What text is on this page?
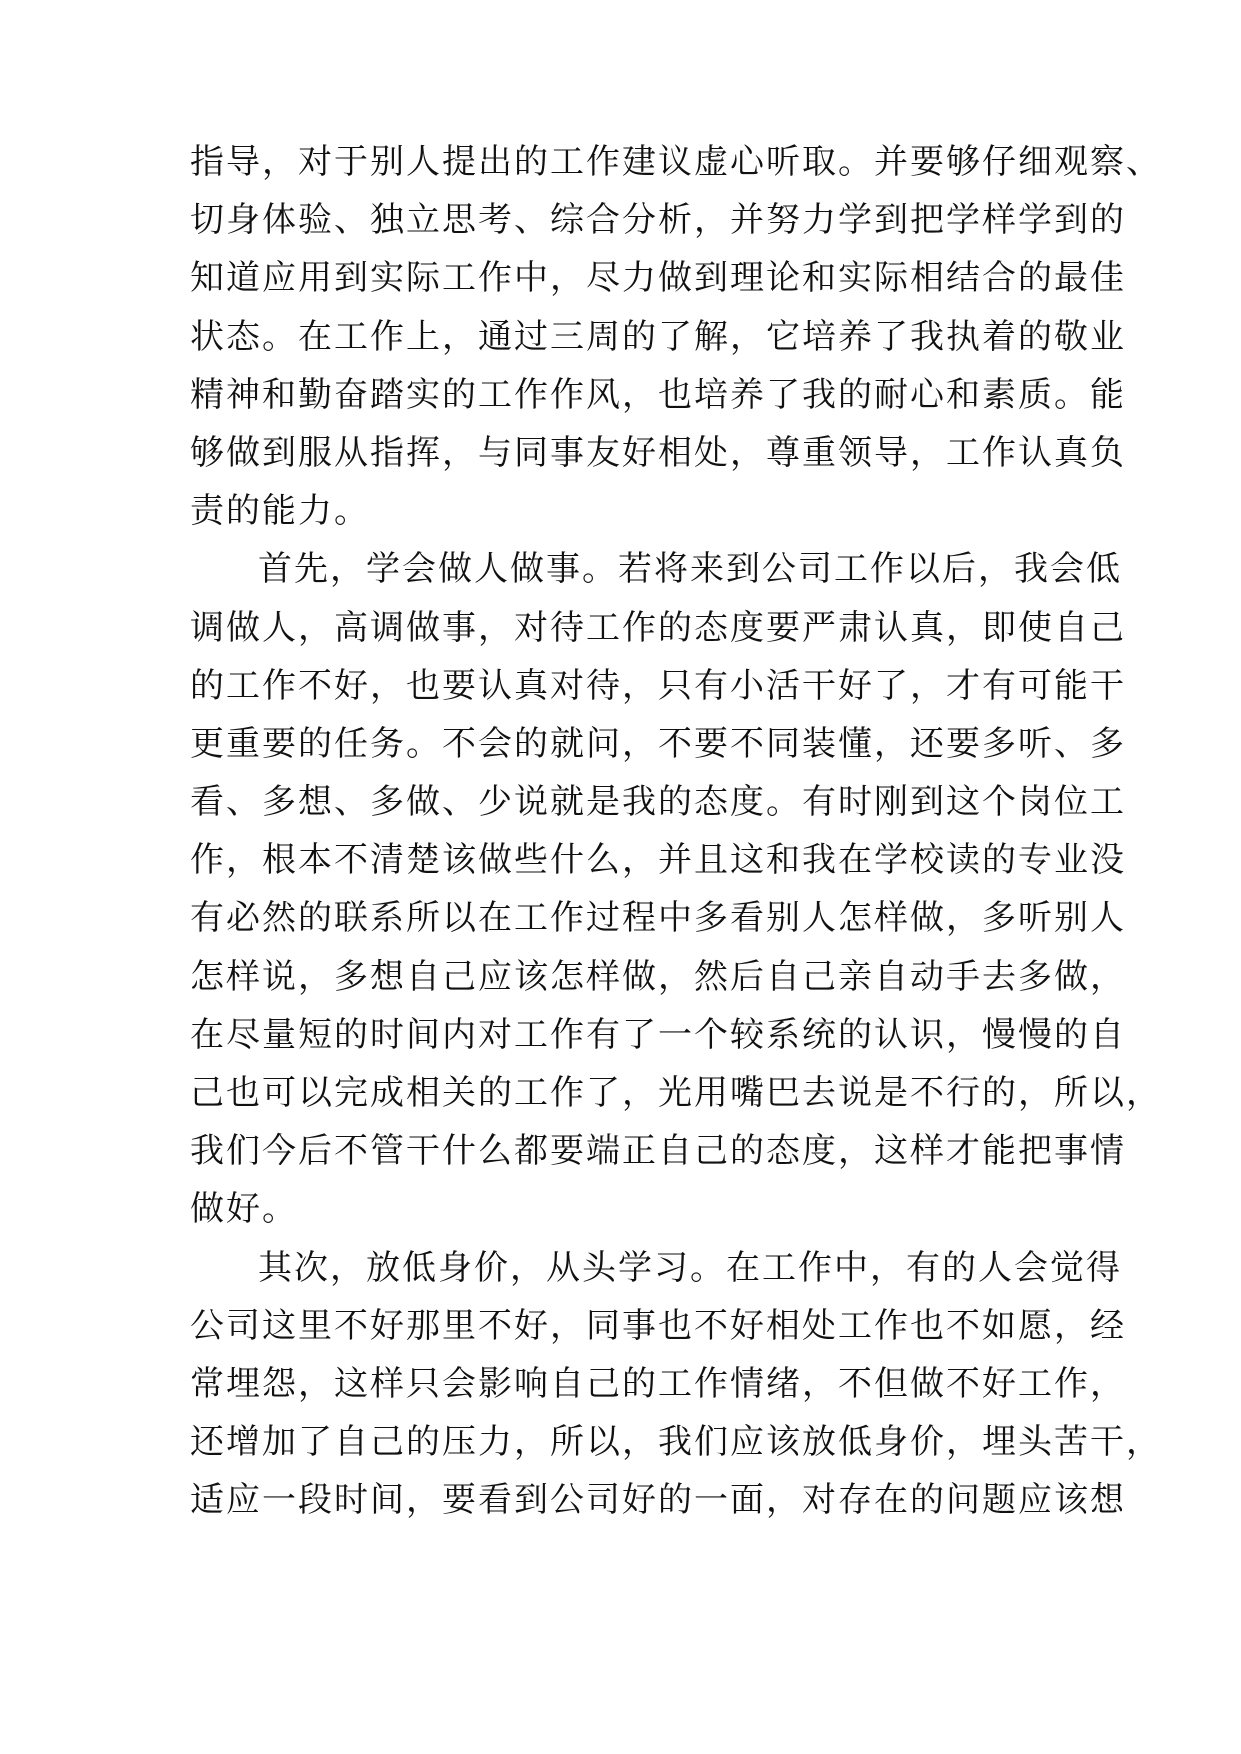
指导，对于别人提出的工作建议虚心听取。并要够仔细观察、
切身体验、独立思考、综合分析，并努力学到把学样学到的
知道应用到实际工作中，尽力做到理论和实际相结合的最佳
状态。在工作上，通过三周的了解，它培养了我执着的敬业
精神和勤奋踏实的工作作风，也培养了我的耐心和素质。能
够做到服从指挥，与同事友好相处，尊重领导，工作认真负
责的能力。
首先，学会做人做事。若将来到公司工作以后，我会低
调做人，高调做事，对待工作的态度要严肃认真，即使自己
的工作不好，也要认真对待，只有小活干好了，才有可能干
更重要的任务。不会的就问，不要不同装懂，还要多听、多
看、多想、多做、少说就是我的态度。有时刚到这个岗位工
作，根本不清楚该做些什么，并且这和我在学校读的专业没
有必然的联系所以在工作过程中多看别人怎样做，多听别人
怎样说，多想自己应该怎样做，然后自己亲自动手去多做，
在尽量短的时间内对工作有了一个较系统的认识，慢慢的自
己也可以完成相关的工作了，光用嘴巴去说是不行的，所以，
我们今后不管干什么都要端正自己的态度，这样才能把事情
做好。
其次，放低身价，从头学习。在工作中，有的人会觉得
公司这里不好那里不好，同事也不好相处工作也不如愿，经
常埋怨，这样只会影响自己的工作情绪，不但做不好工作，
还增加了自己的压力，所以，我们应该放低身价，埋头苦干，
适应一段时间，要看到公司好的一面，对存在的问题应该想
